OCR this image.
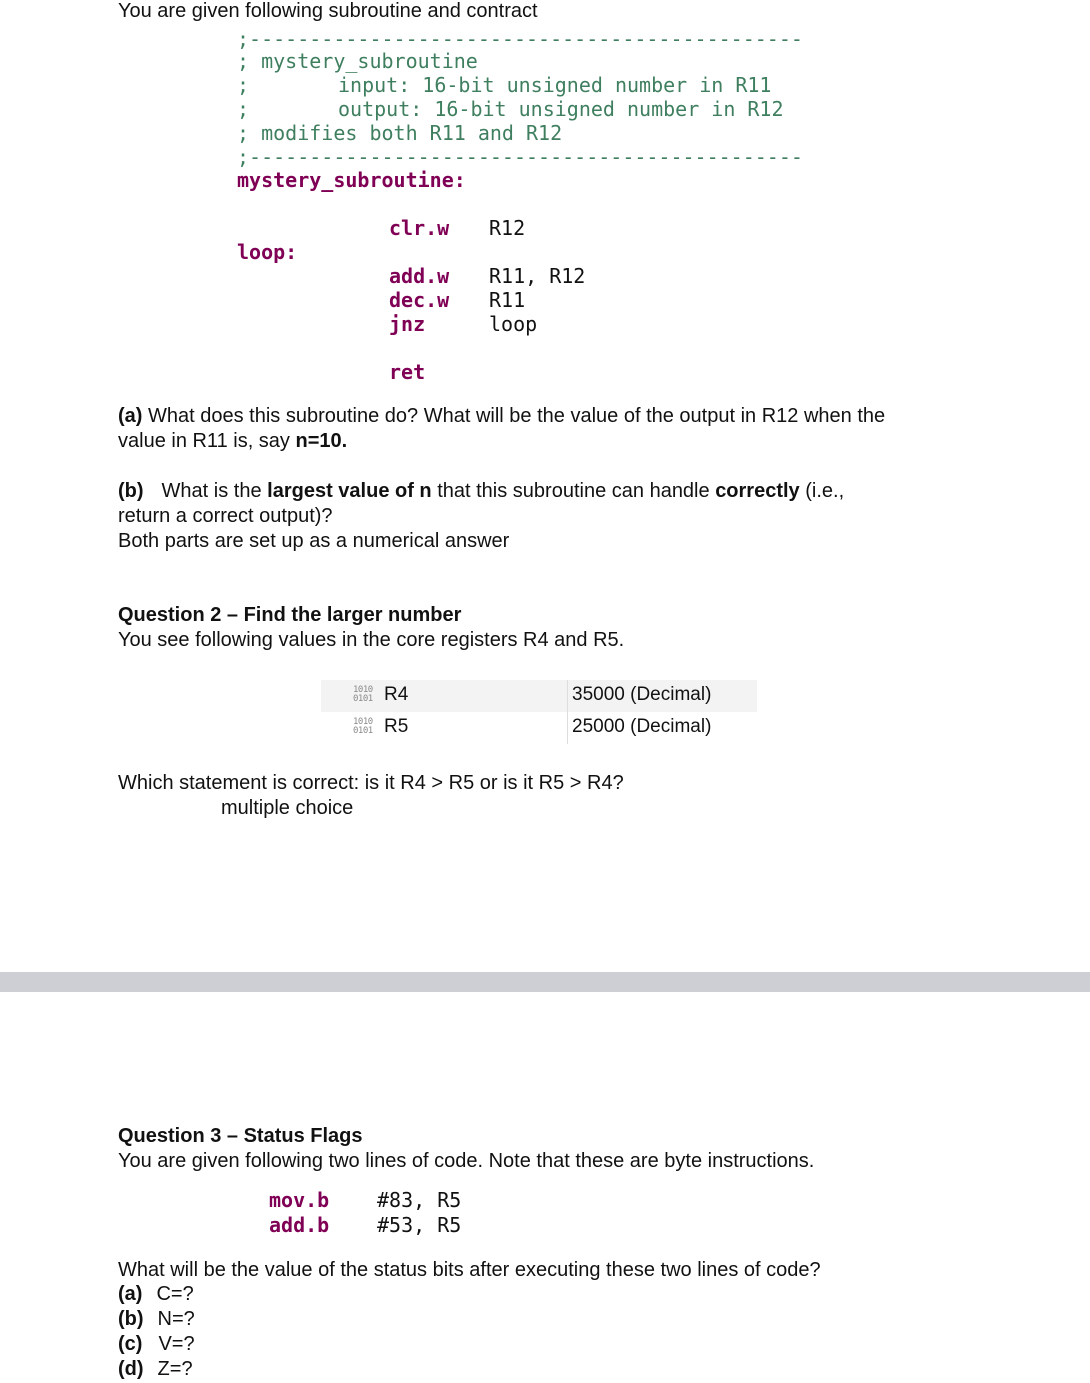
You are given following subroutine and contract
;----------------------------------------------
; mystery_subroutine
;	input: 16-bit unsigned number in R11
;	output: 16-bit unsigned number in R12
; modifies both R11 and R12
;----------------------------------------------
mystery_subroutine:
clr.w R12
loop:
add.w R11, R12
dec.w R11
jnz	loop
ret
(a) What does this subroutine do? What will be the value of the output in R12 when the
value in R11 is, say n=10.
(b) What is the largest value of n that this subroutine can handle correctly (i.e.,
return a correct output)?
Both parts are set up as a numerical answer
Question 2 – Find the larger number
You see following values in the core registers R4 and R5.
1010
0101 R4	35000 (Decimal)
1010
0101 R5	25000 (Decimal)
Which statement is correct: is it R4 > R5 or is it R5 > R4?
multiple choice
Question 3 – Status Flags
You are given following two lines of code. Note that these are byte instructions.
mov.b #83, R5
add.b #53, R5
What will be the value of the status bits after executing these two lines of code?
(a) C=?
(b) N=?
(c) V=?
(d) Z=?
